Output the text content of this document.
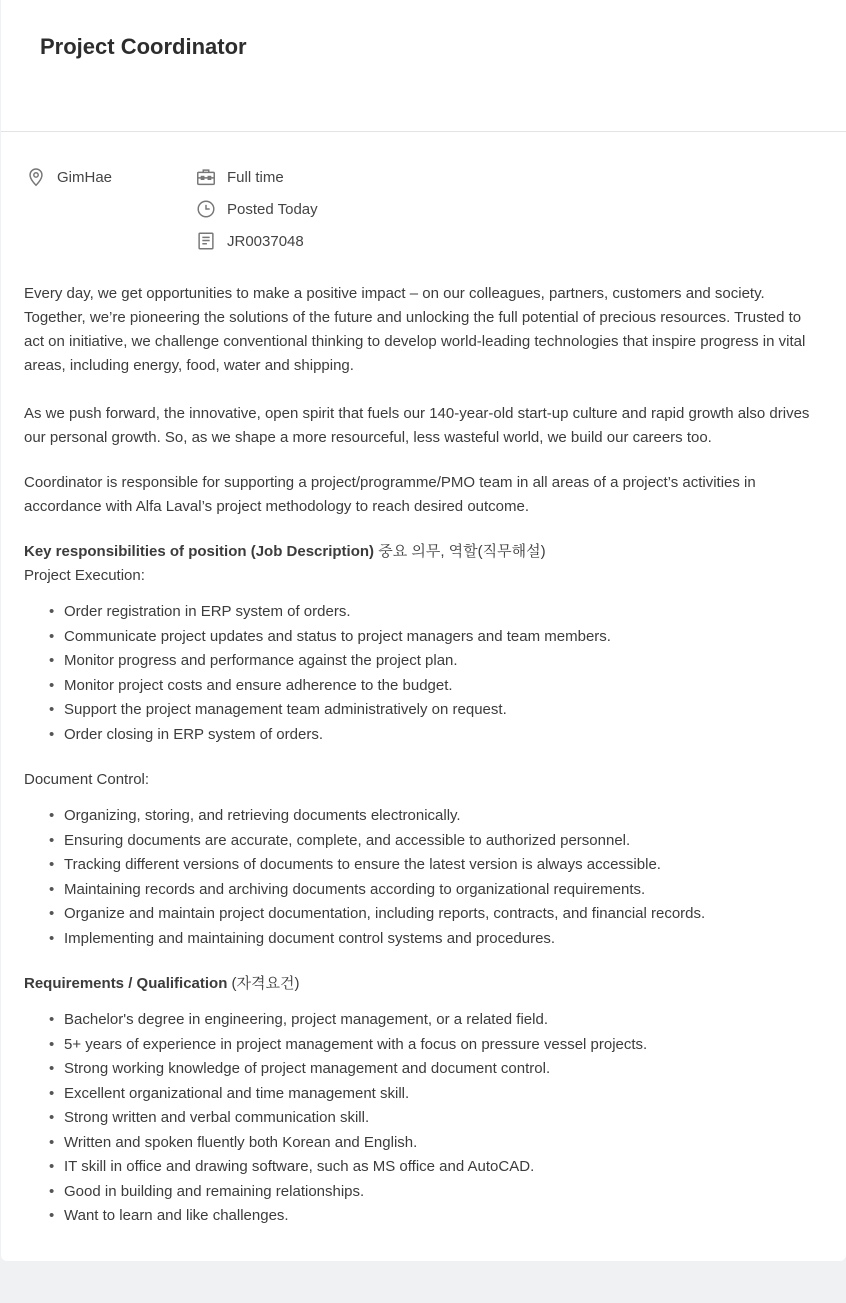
Project Coordinator
GimHae	Full time
Posted Today
JR0037048

Every day, we get opportunities to make a positive impact – on our colleagues, partners, customers and society. Together, we’re pioneering the solutions of the future and unlocking the full potential of precious resources. Trusted to act on initiative, we challenge conventional thinking to develop world-leading technologies that inspire progress in vital areas, including energy, food, water and shipping.

As we push forward, the innovative, open spirit that fuels our 140-year-old start-up culture and rapid growth also drives our personal growth. So, as we shape a more resourceful, less wasteful world, we build our careers too.

Coordinator is responsible for supporting a project/programme/PMO team in all areas of a project’s activities in accordance with Alfa Laval’s project methodology to reach desired outcome.

Key responsibilities of position (Job Description) 중요 의무, 역할(직무해설)

Project Execution:

• Order registration in ERP system of orders.
• Communicate project updates and status to project managers and team members.
• Monitor progress and performance against the project plan.
• Monitor project costs and ensure adherence to the budget.
• Support the project management team administratively on request.
• Order closing in ERP system of orders.

Document Control:

• Organizing, storing, and retrieving documents electronically.
• Ensuring documents are accurate, complete, and accessible to authorized personnel.
• Tracking different versions of documents to ensure the latest version is always accessible.
• Maintaining records and archiving documents according to organizational requirements.
• Organize and maintain project documentation, including reports, contracts, and financial records.
• Implementing and maintaining document control systems and procedures.

Requirements / Qualification (자격요건)

• Bachelor's degree in engineering, project management, or a related field.
• 5+ years of experience in project management with a focus on pressure vessel projects.
• Strong working knowledge of project management and document control.
• Excellent organizational and time management skill.
• Strong written and verbal communication skill.
• Written and spoken fluently both Korean and English.
• IT skill in office and drawing software, such as MS office and AutoCAD.
• Good in building and remaining relationships.
• Want to learn and like challenges.
